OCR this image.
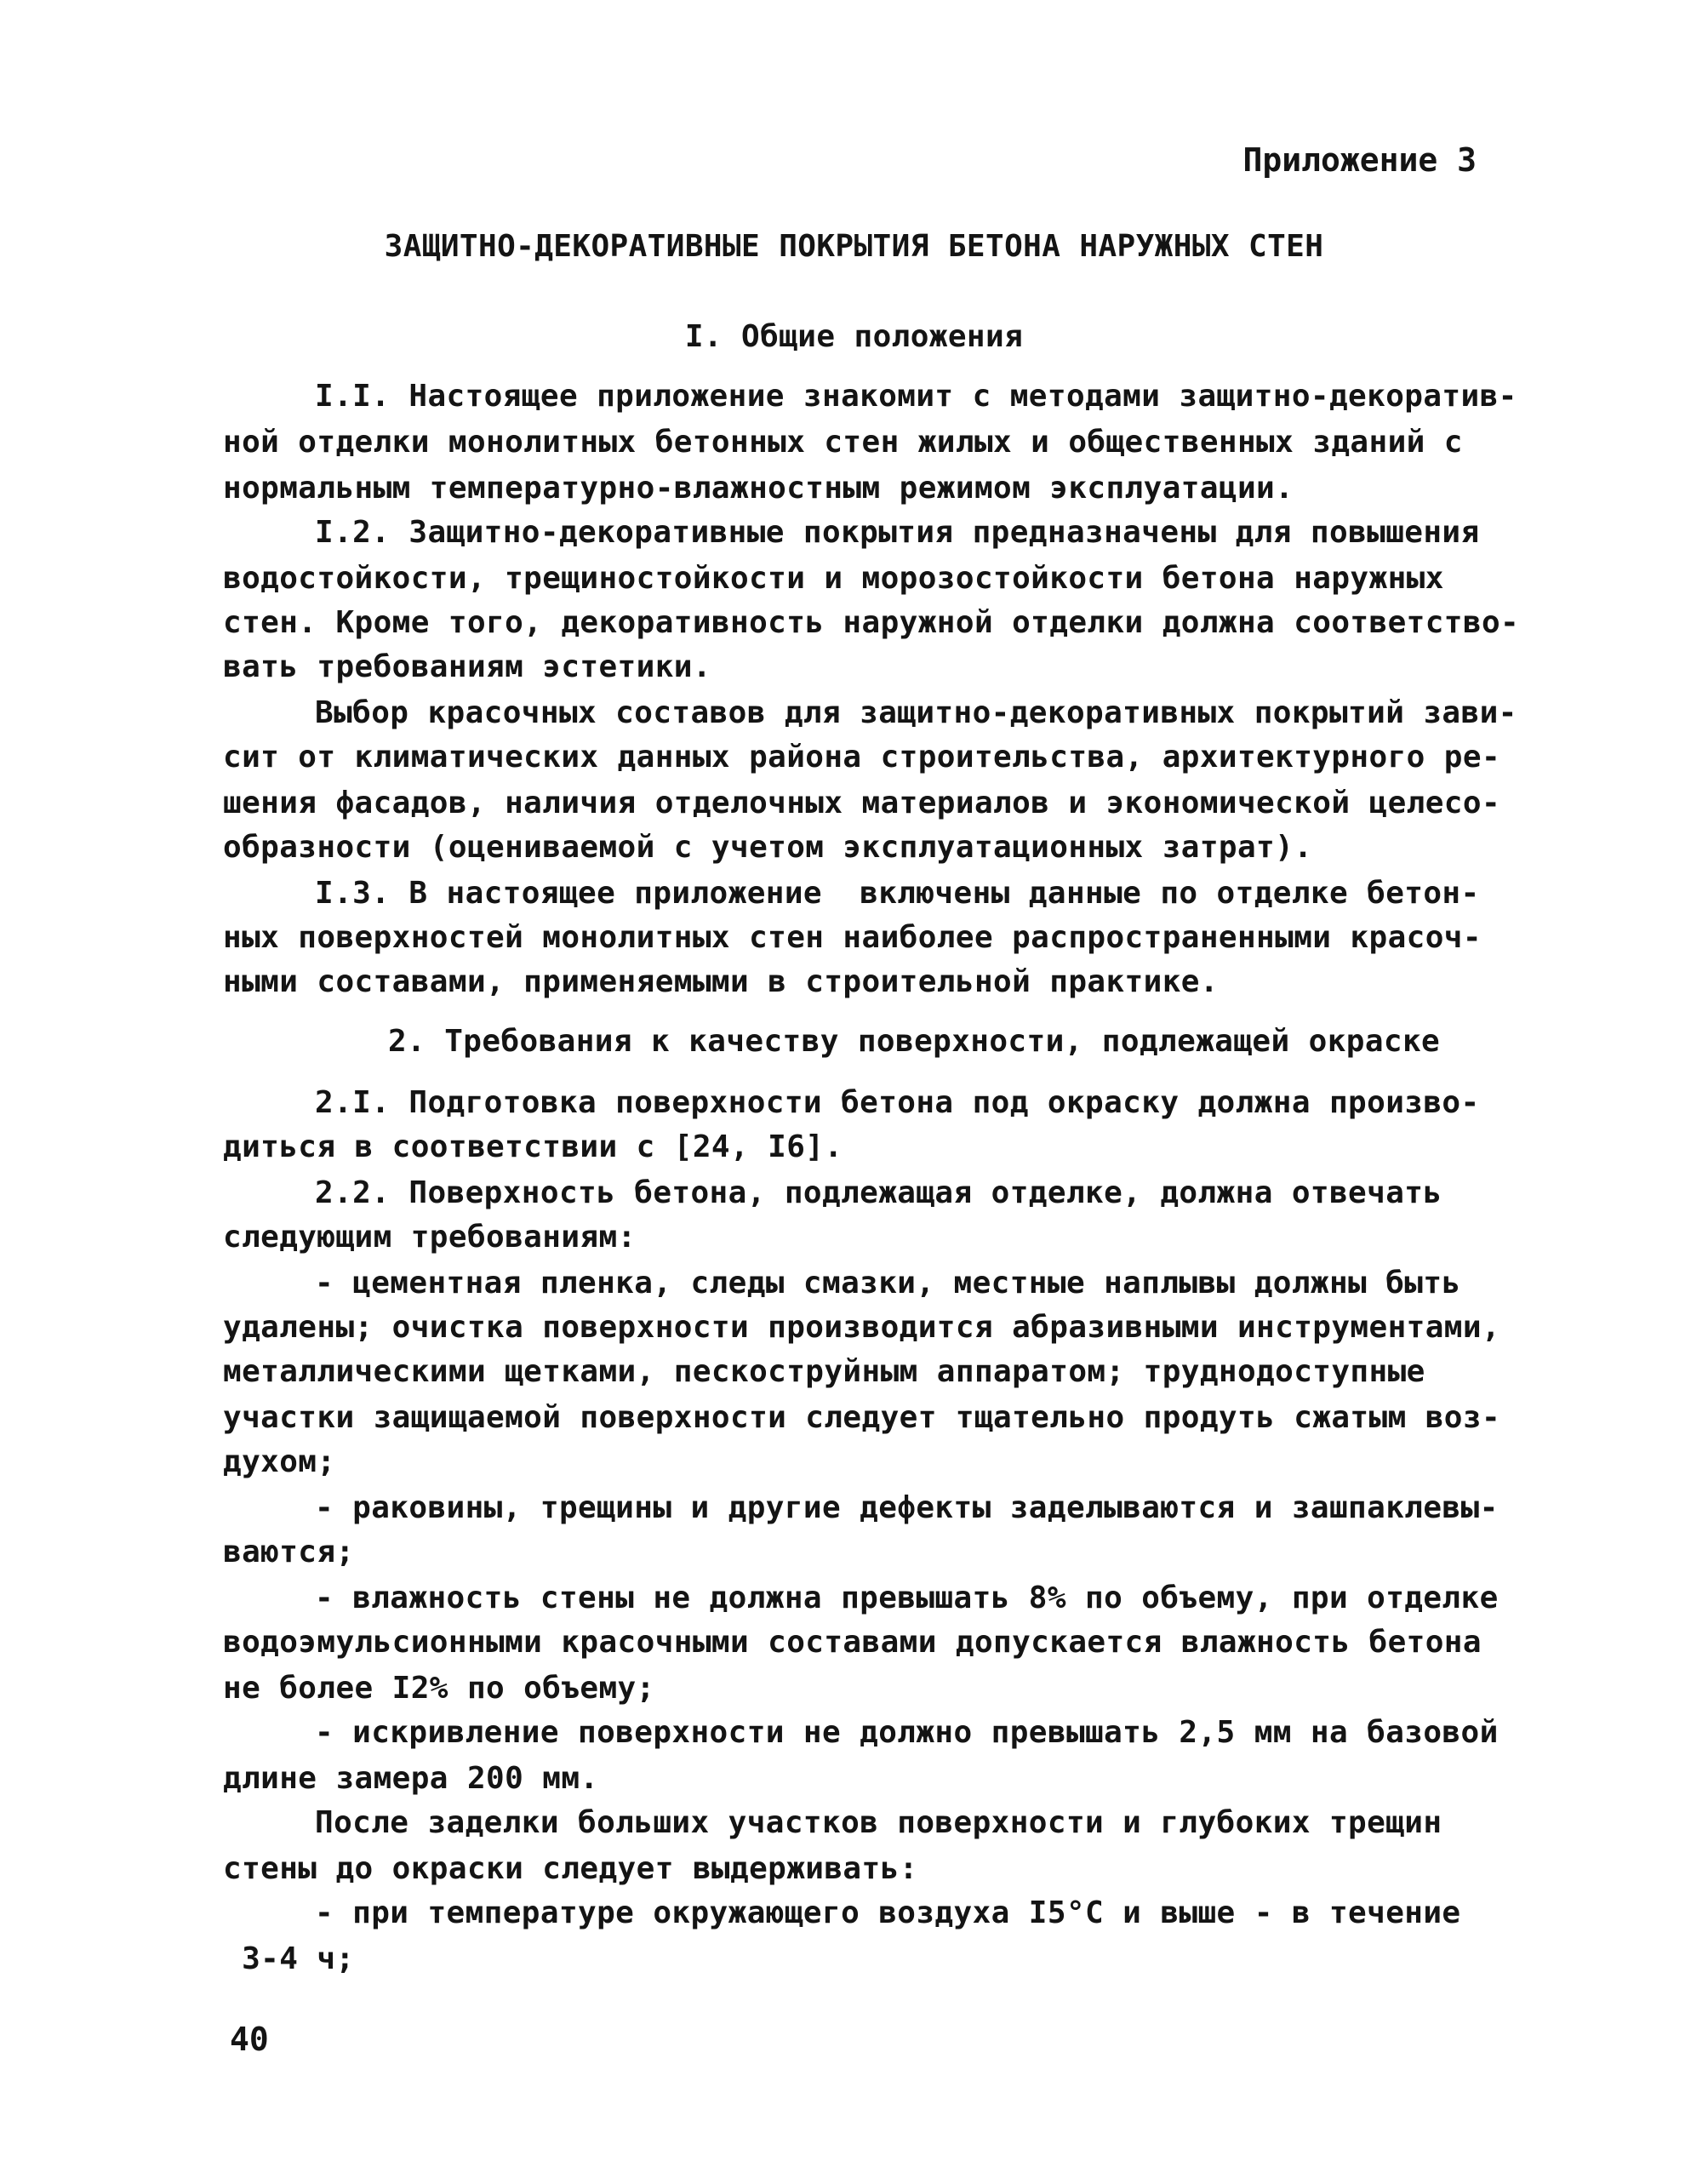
Приложение 3
ЗАЩИТНО-ДЕКОРАТИВНЫЕ ПОКРЫТИЯ БЕТОНА НАРУЖНЫХ СТЕН
I. Общие положения
I.I. Настоящее приложение знакомит с методами защитно-декоратив-
ной отделки монолитных бетонных стен жилых и общественных зданий с
нормальным температурно-влажностным режимом эксплуатации.
I.2. Защитно-декоративные покрытия предназначены для повышения
водостойкости, трещиностойкости и морозостойкости бетона наружных
стен. Кроме того, декоративность наружной отделки должна соответство-
вать требованиям эстетики.
Выбор красочных составов для защитно-декоративных покрытий зави-
сит от климатических данных района строительства, архитектурного ре-
шения фасадов, наличия отделочных материалов и экономической целесо-
образности (оцениваемой с учетом эксплуатационных затрат).
I.3. В настоящее приложение  включены данные по отделке бетон-
ных поверхностей монолитных стен наиболее распространенными красоч-
ными составами, применяемыми в строительной практике.
2. Требования к качеству поверхности, подлежащей окраске
2.I. Подготовка поверхности бетона под окраску должна произво-
диться в соответствии с [24, I6].
2.2. Поверхность бетона, подлежащая отделке, должна отвечать
следующим требованиям:
- цементная пленка, следы смазки, местные наплывы должны быть
удалены; очистка поверхности производится абразивными инструментами,
металлическими щетками, пескоструйным аппаратом; труднодоступные
участки защищаемой поверхности следует тщательно продуть сжатым воз-
духом;
- раковины, трещины и другие дефекты заделываются и зашпаклевы-
ваются;
- влажность стены не должна превышать 8% по объему, при отделке
водоэмульсионными красочными составами допускается влажность бетона
не более I2% по объему;
- искривление поверхности не должно превышать 2,5 мм на базовой
длине замера 200 мм.
После заделки больших участков поверхности и глубоких трещин
стены до окраски следует выдерживать:
- при температуре окружающего воздуха I5°С и выше - в течение
3-4 ч;
40
